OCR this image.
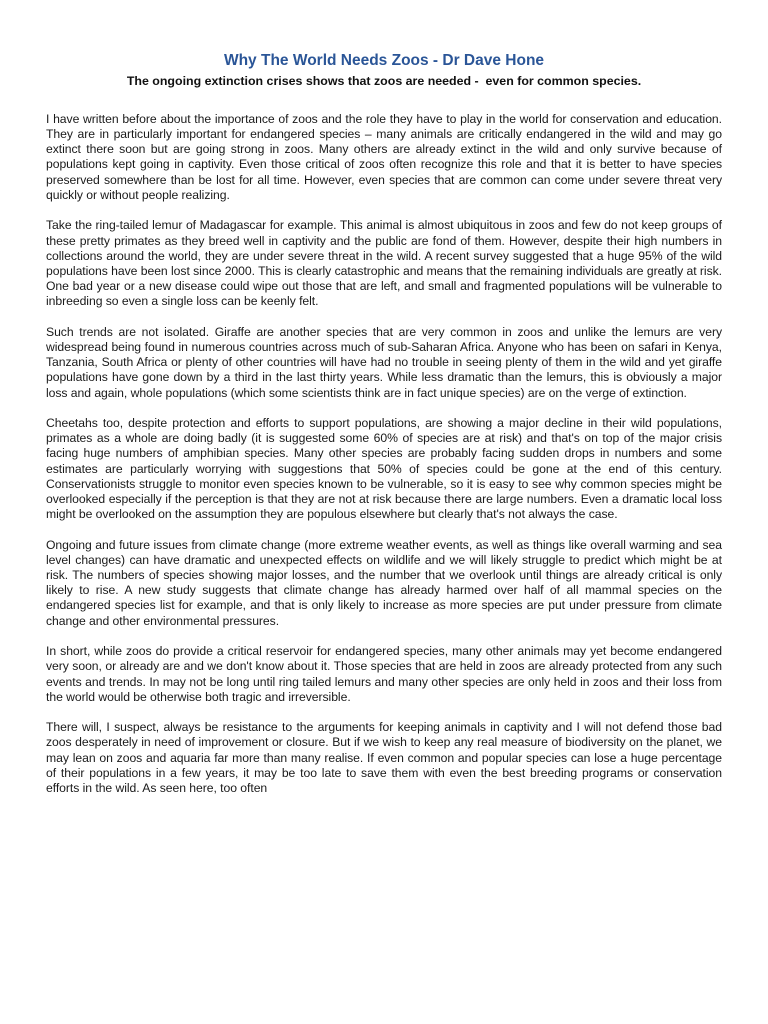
Why The World Needs Zoos - Dr Dave Hone
The ongoing extinction crises shows that zoos are needed -  even for common species.

I have written before about the importance of zoos and the role they have to play in the world for conservation and education. They are in particularly important for endangered species – many animals are critically endangered in the wild and may go extinct there soon but are going strong in zoos. Many others are already extinct in the wild and only survive because of populations kept going in captivity. Even those critical of zoos often recognize this role and that it is better to have species preserved somewhere than be lost for all time. However, even species that are common can come under severe threat very quickly or without people realizing.

Take the ring-tailed lemur of Madagascar for example. This animal is almost ubiquitous in zoos and few do not keep groups of these pretty primates as they breed well in captivity and the public are fond of them. However, despite their high numbers in collections around the world, they are under severe threat in the wild. A recent survey suggested that a huge 95% of the wild populations have been lost since 2000. This is clearly catastrophic and means that the remaining individuals are greatly at risk. One bad year or a new disease could wipe out those that are left, and small and fragmented populations will be vulnerable to inbreeding so even a single loss can be keenly felt.

Such trends are not isolated. Giraffe are another species that are very common in zoos and unlike the lemurs are very widespread being found in numerous countries across much of sub-Saharan Africa. Anyone who has been on safari in Kenya, Tanzania, South Africa or plenty of other countries will have had no trouble in seeing plenty of them in the wild and yet giraffe populations have gone down by a third in the last thirty years. While less dramatic than the lemurs, this is obviously a major loss and again, whole populations (which some scientists think are in fact unique species) are on the verge of extinction.

Cheetahs too, despite protection and efforts to support populations, are showing a major decline in their wild populations, primates as a whole are doing badly (it is suggested some 60% of species are at risk) and that's on top of the major crisis facing huge numbers of amphibian species. Many other species are probably facing sudden drops in numbers and some estimates are particularly worrying with suggestions that 50% of species could be gone at the end of this century. Conservationists struggle to monitor even species known to be vulnerable, so it is easy to see why common species might be overlooked especially if the perception is that they are not at risk because there are large numbers. Even a dramatic local loss might be overlooked on the assumption they are populous elsewhere but clearly that's not always the case.

Ongoing and future issues from climate change (more extreme weather events, as well as things like overall warming and sea level changes) can have dramatic and unexpected effects on wildlife and we will likely struggle to predict which might be at risk. The numbers of species showing major losses, and the number that we overlook until things are already critical is only likely to rise. A new study suggests that climate change has already harmed over half of all mammal species on the endangered species list for example, and that is only likely to increase as more species are put under pressure from climate change and other environmental pressures.

In short, while zoos do provide a critical reservoir for endangered species, many other animals may yet become endangered very soon, or already are and we don't know about it. Those species that are held in zoos are already protected from any such events and trends. In may not be long until ring tailed lemurs and many other species are only held in zoos and their loss from the world would be otherwise both tragic and irreversible.

There will, I suspect, always be resistance to the arguments for keeping animals in captivity and I will not defend those bad zoos desperately in need of improvement or closure. But if we wish to keep any real measure of biodiversity on the planet, we may lean on zoos and aquaria far more than many realise. If even common and popular species can lose a huge percentage of their populations in a few years, it may be too late to save them with even the best breeding programs or conservation efforts in the wild. As seen here, too often
